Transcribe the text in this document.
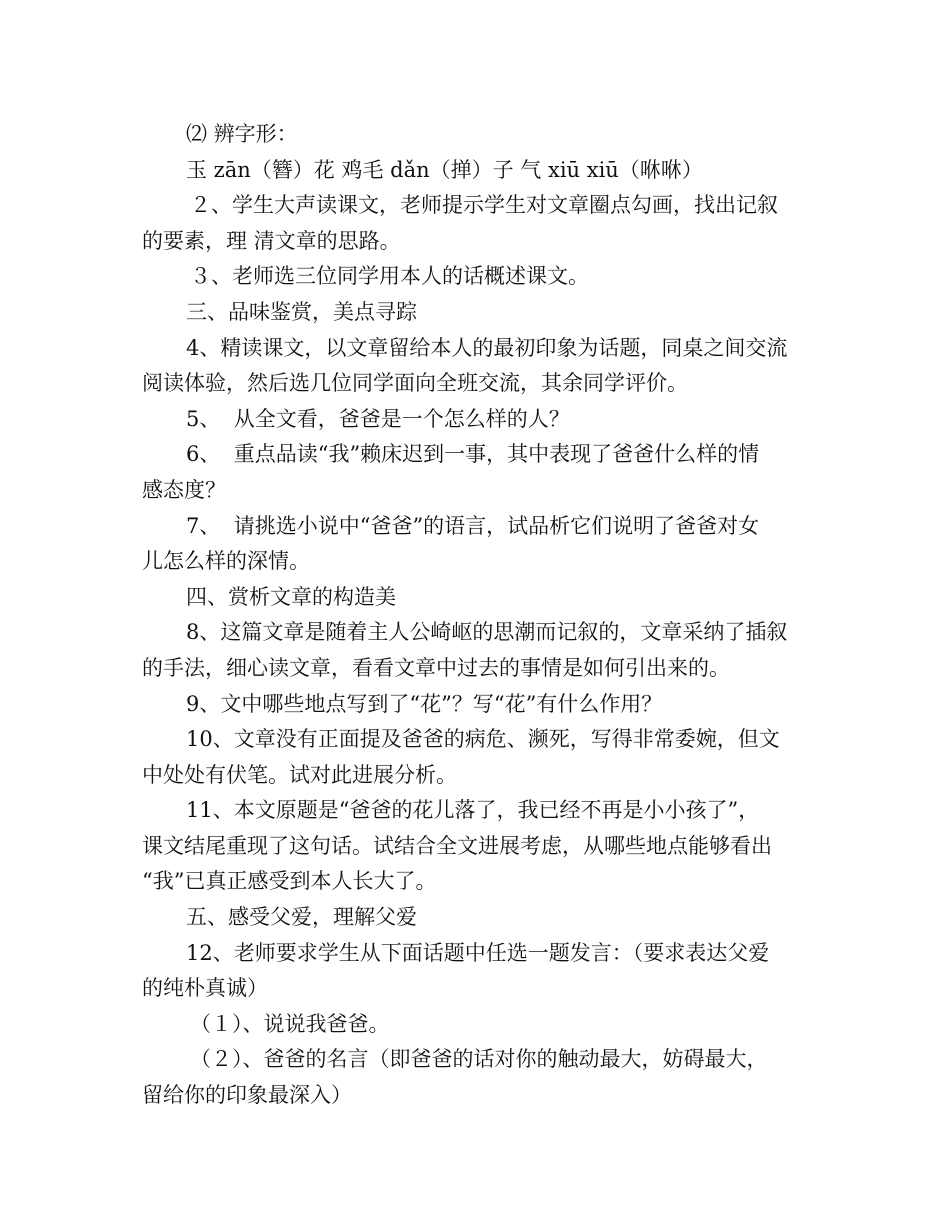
⑵ 辨字形：

玉 zān（簪）花 鸡毛 dǎn（掸）子 气 xiū xiū（咻咻）

２、学生大声读课文，老师提示学生对文章圈点勾画，找出记叙

的要素，理 清文章的思路。

３、老师选三位同学用本人的话概述课文。

三、品味鉴赏，美点寻踪

4、精读课文，以文章留给本人的最初印象为话题，同桌之间交流

阅读体验，然后选几位同学面向全班交流，其余同学评价。

5、  从全文看，爸爸是一个怎么样的人？

6、  重点品读“我”赖床迟到一事，其中表现了爸爸什么样的情

感态度？

7、  请挑选小说中“爸爸”的语言，试品析它们说明了爸爸对女

儿怎么样的深情。

四、赏析文章的构造美

8、这篇文章是随着主人公崎岖的思潮而记叙的，文章采纳了插叙

的手法，细心读文章，看看文章中过去的事情是如何引出来的。

9、文中哪些地点写到了“花”？写“花”有什么作用？

10、文章没有正面提及爸爸的病危、濒死，写得非常委婉，但文

中处处有伏笔。试对此进展分析。

11、本文原题是“爸爸的花儿落了，我已经不再是小小孩了”，

课文结尾重现了这句话。试结合全文进展考虑，从哪些地点能够看出

“我”已真正感受到本人长大了。

五、感受父爱，理解父爱

12、老师要求学生从下面话题中任选一题发言：（要求表达父爱

的纯朴真诚）

（１）、说说我爸爸。

（２）、爸爸的名言（即爸爸的话对你的触动最大，妨碍最大，

留给你的印象最深入）
